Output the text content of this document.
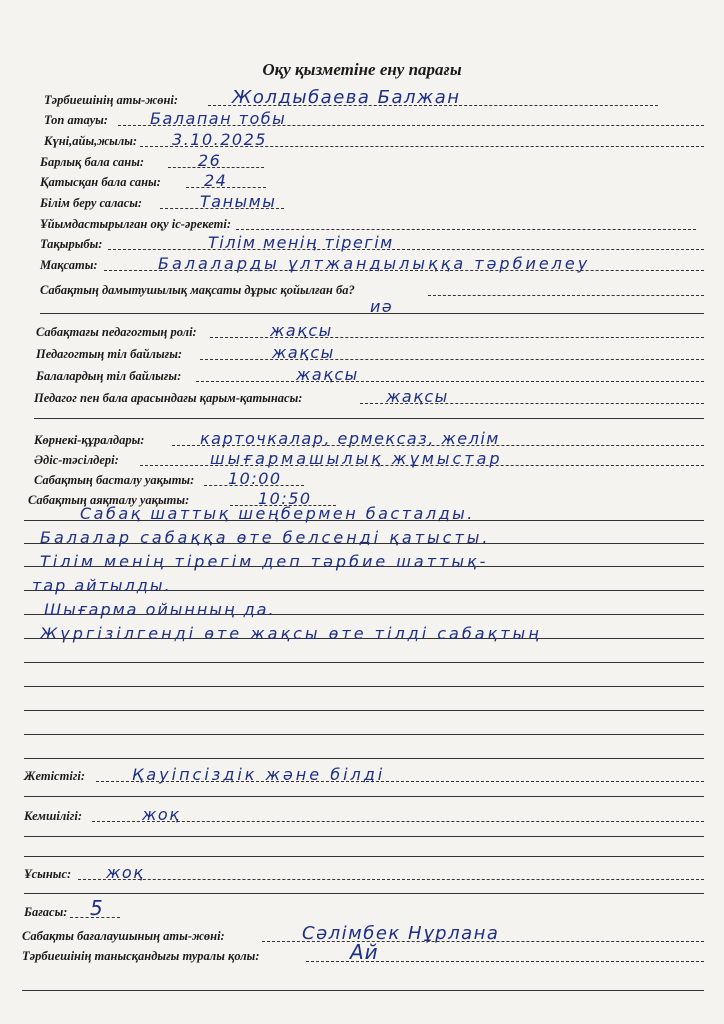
Оқу қызметіне ену парағы
Тәрбиешінің аты-жөні:	Жолдыбаева Балжан
Топ атауы:	Балапан тобы
Күні,айы,жылы: 3.10.2025
Барлық бала саны:	26
Қатысқан бала саны:	24
Білім беру саласы:	Танымы
Ұйымдастырылған оқу іс-әрекеті:
Тақырыбы:	Тілім менің тірегім
Мақсаты:	Балаларды ұлтжандылыққа тәрбиелеу
Сабақтың дамытушылық мақсаты дұрыс қойылған ба?
иә
Сабақтағы педагогтың ролі:	жақсы
Педагогтың тіл байлығы:	жақсы
Балалардың тіл байлығы:	жақсы
Педагог пен бала арасындағы қарым-қатынасы:	жақсы
Көрнекі-құралдары:	карточкалар, ермексаз, желім
Әдіс-тәсілдері:	шығармашылық жұмыстар
Сабақтың басталу уақыты: 10:00
Сабақтың аяқталу уақыты:	10:50
Сабақ шаттық шеңбермен басталды.
Балалар сабаққа өте белсенді қатысты.
Тілім менің тірегім деп тәрбие шаттық-
тар айтылды.
Шығарма ойынның да.
Жүргізілгенді өте жақсы өте тілді сабақтың
Жетістігі:	Қауіпсіздік және білді
Кемшілігі:	жоқ
Ұсыныс: жоқ
Бағасы: 5
Сабақты бағалаушының аты-жөні:	Сәлімбек Нұрлана
Тәрбиешінің танысқандығы туралы қолы:	Ай
